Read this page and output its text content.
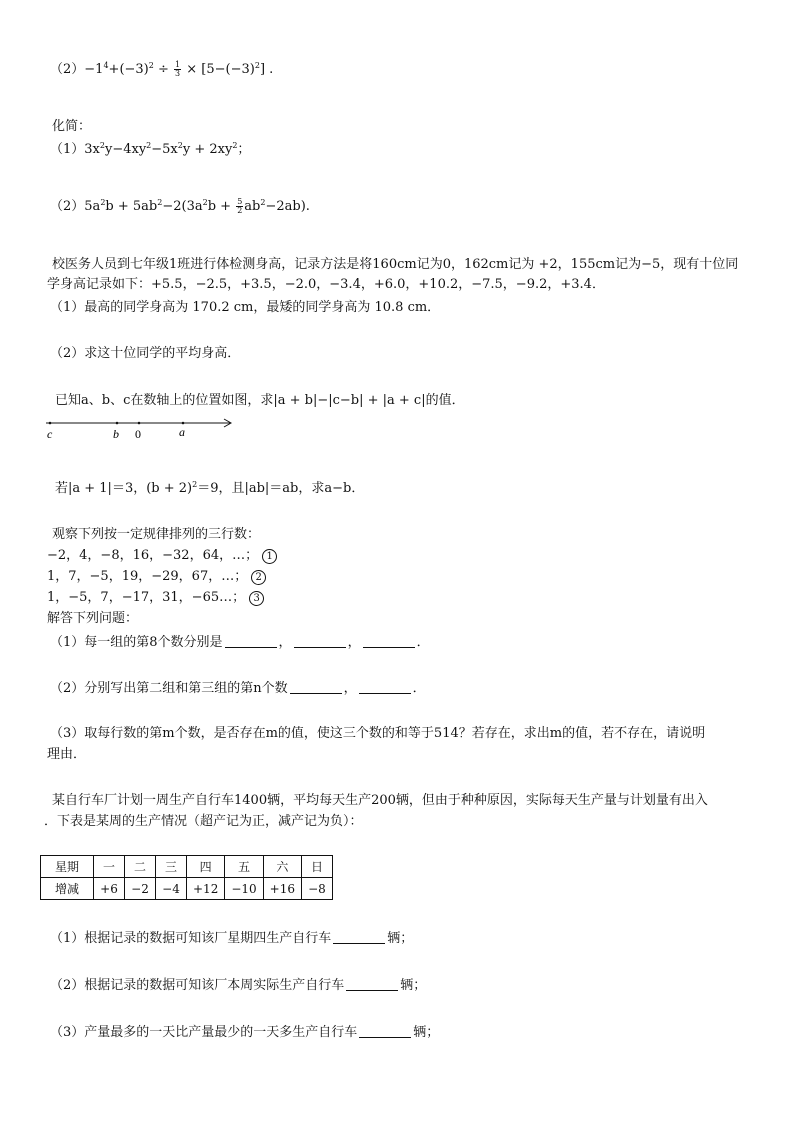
$(2)-1^4+(-3)^2 \div \frac{1}{3} \times [5-(-3)^2]$ .
化简：
$(1)3x^2y-4xy^2-5x^2y + 2xy^2$；
$(2)5a^2b + 5ab^2-2(3a^2b + \frac{5}{2} ab^2-2ab)$.
校医务人员到七年级1班进行体检测身高，记录方法是将160cm记为0，162cm记为 +2，155cm记为−5，现有十位同
学身高记录如下：+5.5，−2.5，+3.5，−2.0，−3.4，+6.0，+10.2，−7.5，−9.2，+3.4．
（1）最高的同学身高为 170.2 cm，最矮的同学身高为 10.8 cm．
（2）求这十位同学的平均身高．
已知a、b、c在数轴上的位置如图，求|a + b|−|c−b| + |a + c|的值．
c	b 0	a
若|a + 1|＝3，$(b + 2)^2=9$，且|ab|＝ab，求a−b．
观察下列按一定规律排列的三行数：
−2，4，−8，16，−32，64，…； 1
1，7，−5，19，−29，67，…； 2
1，−5，7，−17，31，−65…； 3
解答下列问题：
（1）每一组的第8个数分别是	，	，	．
（2）分别写出第二组和第三组的第n个数	，	．
（3）取每行数的第m个数，是否存在m的值，使这三个数的和等于514？若存在，求出m的值，若不存在，请说明
理由．
某自行车厂计划一周生产自行车1400辆，平均每天生产200辆，但由于种种原因，实际每天生产量与计划量有出入
．下表是某周的生产情况（超产记为正，减产记为负）：
星期	一	二	三	四	五	六	日
增减	+6	−2	−4	+12	−10	+16	−8
（1）根据记录的数据可知该厂星期四生产自行车	辆；
（2）根据记录的数据可知该厂本周实际生产自行车	辆；
（3）产量最多的一天比产量最少的一天多生产自行车	辆；
